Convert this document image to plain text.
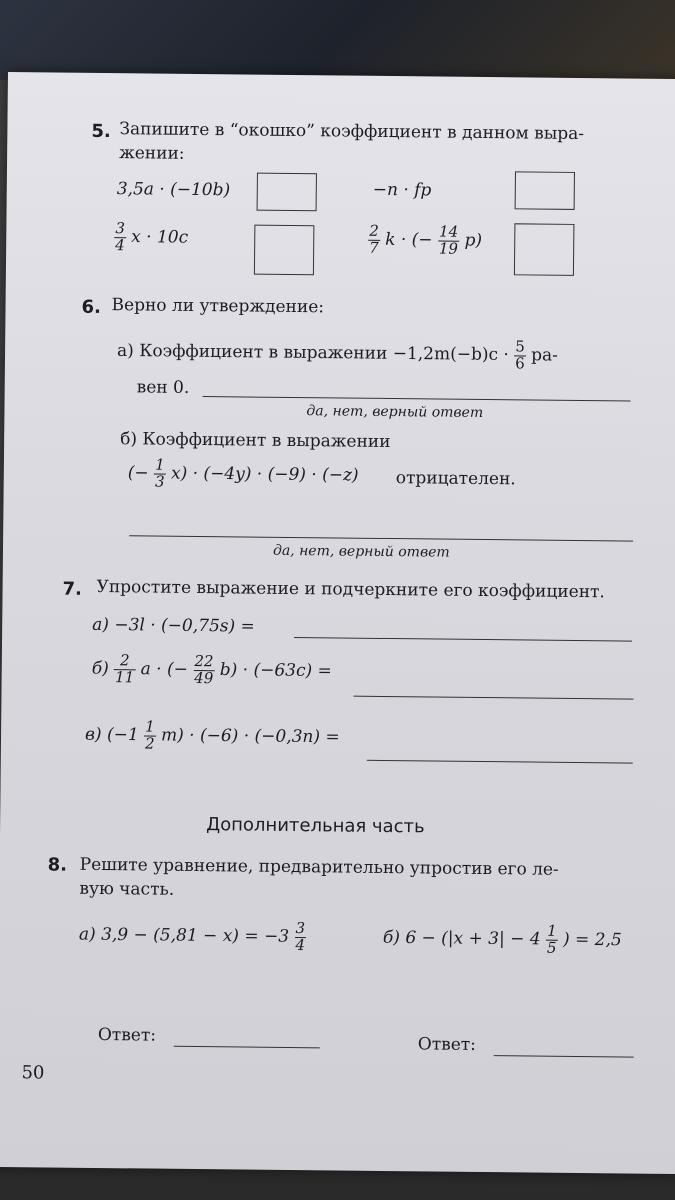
5. Запишите в “окошко” коэффициент в данном выра-
жении:
3,5a · (−10b)	−n · fp
$\frac{3}{4}$ x · 10c	$\frac{2}{7}$ k · (− $\frac{14}{19} p$)
6. Верно ли утверждение:
а) Коэффициент в выражении $-1,2m(-b)c \cdot \frac{5}{6} ра-$
вен 0.
да, нет, верный ответ
б) Коэффициент в выражении
(− $\frac{1}{3} x) \cdot (-4y) \cdot (-9) \cdot (-z)$ отрицателен.
да, нет, верный ответ
7. Упростите выражение и подчеркните его коэффициент.
а) −3l · (−0,75s) =
$б) \frac{2}{11}$ a · (− $\frac{22}{49} b) \cdot (-63c)$ =
в) $(-1 \frac{1}{2} m) \cdot (-6) \cdot (-0,3n)$ =
Дополнительная часть
8. Решите уравнение, предварительно упростив его ле-
вую часть.
а) $3,9 - (5,81 - x) = -3 \frac{3}{4}$	б) $6 - (|x + 3| - 4 \frac{1}{5}$ ) = 2,5
Ответ:	Ответ:
50
